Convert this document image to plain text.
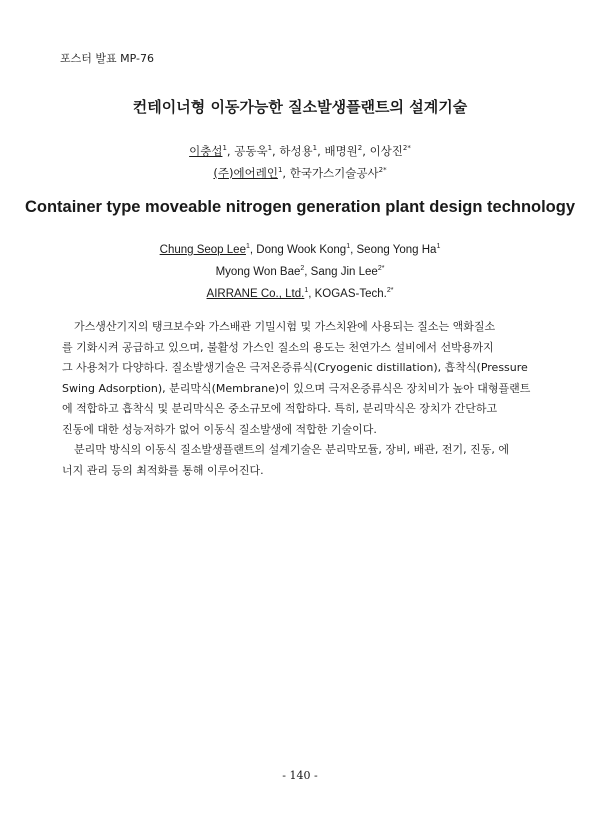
포스터 발표 MP-76
컨테이너형 이동가능한 질소발생플랜트의 설계기술
이충섭$^1$, 공동욱$^1$, 하성용$^1$, 배명원$^2$, 이상진$^{2*}$
(주)에어레인$^1$, 한국가스기술공사$^{2*}$
Container type moveable nitrogen generation plant design technology
Chung Seop Lee$^1$, Dong Wook Kong$^1$, Seong Yong Ha$^1$
Myong Won Bae$^2$, Sang Jin Lee$^{2*}$
AIRRANE Co., Ltd.$^1$, KOGAS-Tech.$^{2*}$

가스생산기지의 탱크보수와 가스배관 기밀시험 및 가스치완에 사용되는 질소는 액화질소
를 기화시켜 공급하고 있으며, 불활성 가스인 질소의 용도는 천연가스 설비에서 선박용까지
그 사용처가 다양하다. 질소발생기술은 극저온증류식(Cryogenic distillation), 흡착식(Pressure
Swing Adsorption), 분리막식(Membrane)이 있으며 극저온증류식은 장치비가 높아 대형플랜트
에 적합하고 흡착식 및 분리막식은 중소규모에 적합하다. 특히, 분리막식은 장치가 간단하고
진동에 대한 성능저하가 없어 이동식 질소발생에 적합한 기술이다.

분리막 방식의 이동식 질소발생플랜트의 설계기술은 분리막모듈, 장비, 배관, 전기, 진동, 에
너지 관리 등의 최적화를 통해 이루어진다.

- 140 -
